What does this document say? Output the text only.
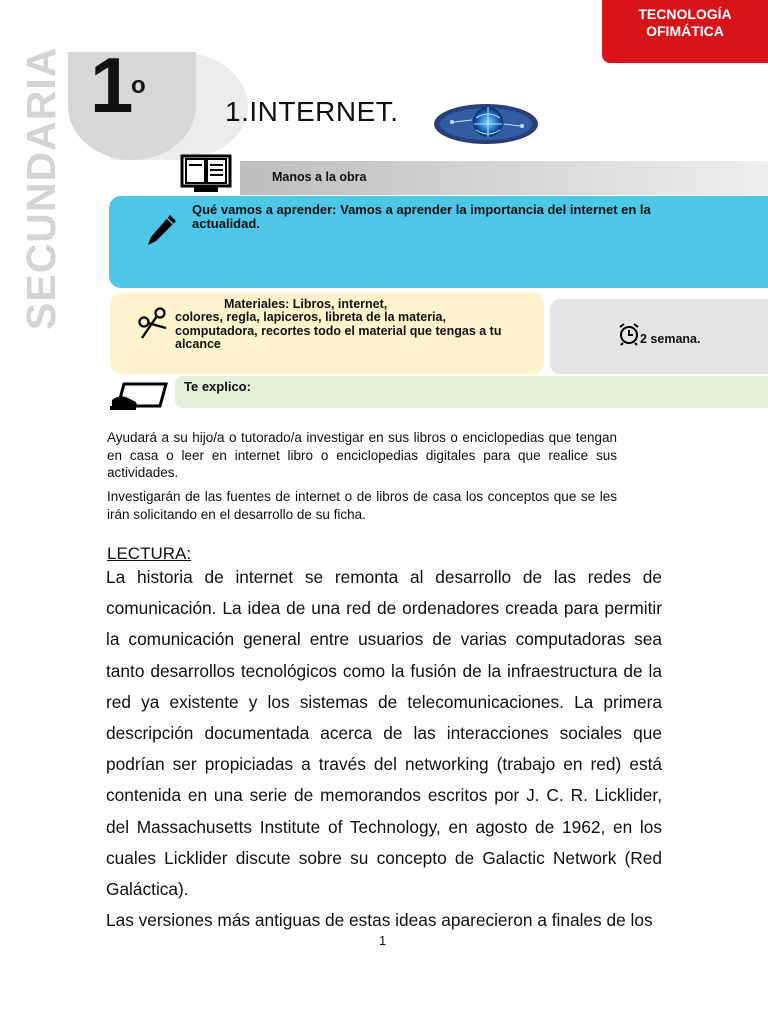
SECUNDARIA 1
o
TECNOLOGÍA
OFIMÁTICA
1.INTERNET.
Manos a la obra
Qué vamos a aprender: Vamos a aprender la importancia del internet en la actualidad.
Materiales: Libros, internet,
colores, regla, lapiceros, libreta de la materia, computadora, recortes todo el material que tengas a tu alcance	2 semana.
Te explico:
Ayudará a su hijo/a o tutorado/a investigar en sus libros o enciclopedias que tengan en casa o leer en internet libro o enciclopedias digitales para que realice sus actividades.
Investigarán de las fuentes de internet o de libros de casa los conceptos que se les irán solicitando en el desarrollo de su ficha.
LECTURA:

La historia de internet se remonta al desarrollo de las redes de comunicación. La idea de una red de ordenadores creada para permitir la comunicación general entre usuarios de varias computadoras sea tanto desarrollos tecnológicos como la fusión de la infraestructura de la red ya existente y los sistemas de telecomunicaciones. La primera descripción documentada acerca de las interacciones sociales que podrían ser propiciadas a través del networking (trabajo en red) está contenida en una serie de memorandos escritos por J. C. R. Licklider, del Massachusetts Institute of Technology, en agosto de 1962, en los cuales Licklider discute sobre su concepto de Galactic Network (Red Galáctica).

Las versiones más antiguas de estas ideas aparecieron a finales de los

1
